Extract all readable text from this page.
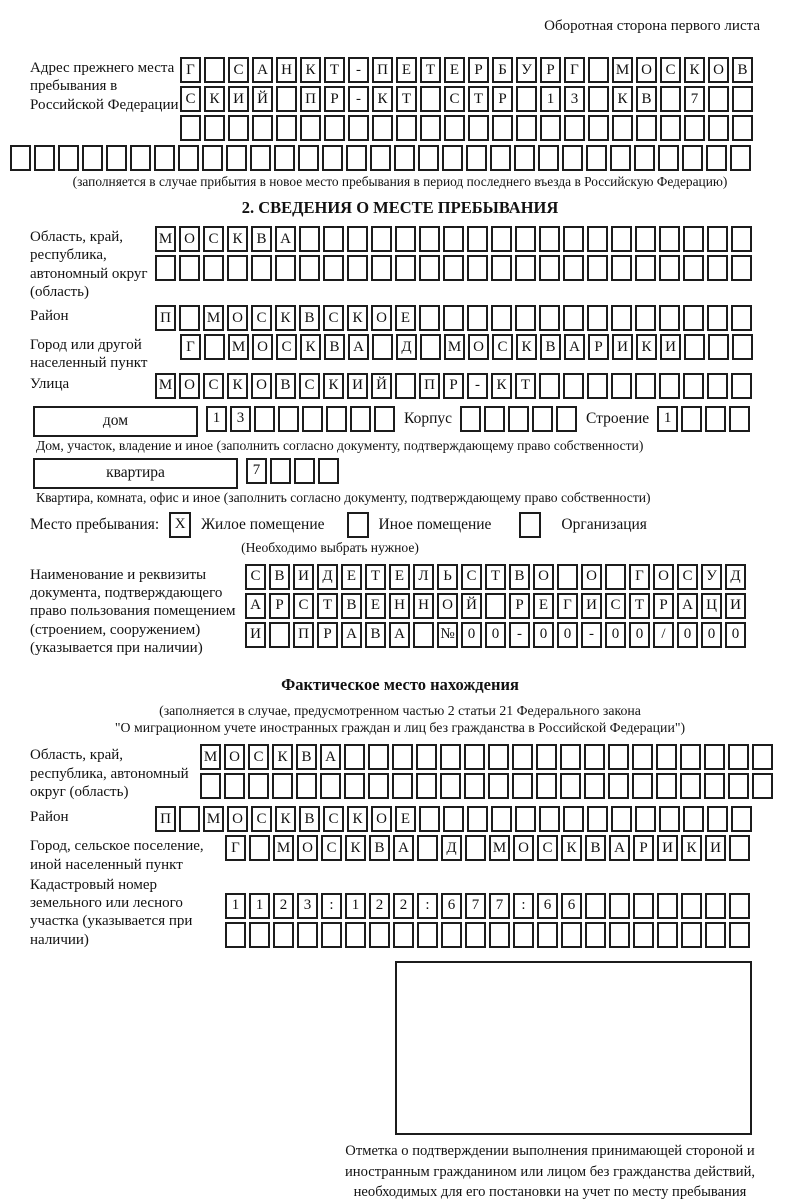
Оборотная сторона первого листа
Адрес прежнего места пребывания в Российской Федерации
Г	С А Н К Т	-	П Е Т Е	Р	Б У Р	Г	М О С К О В
С К И Й	П Р	-	К Т	С Т	Р	1	3	К В	7
(заполняется в случае прибытия в новое место пребывания в период последнего въезда в Российскую Федерацию)
2. СВЕДЕНИЯ О МЕСТЕ ПРЕБЫВАНИЯ
Область, край, республика, автономный округ (область)
М О С К В А
Район	П	М О С К В С К О Е
Город или другой населенный пункт
Г	М О С К В А	Д	М О С К В А Р И К И
Улица	М О С К О В С К И Й	П Р	-	К Т
дом	1	3	Корпус	Строение 1
Дом, участок, владение и иное (заполнить согласно документу, подтверждающему право собственности)
квартира	7
Квартира, комната, офис и иное (заполнить согласно документу, подтверждающему право собственности)
Место пребывания:	X	Жилое помещение	Иное помещение	Организация
(Необходимо выбрать нужное)
Наименование и реквизиты документа, подтверждающего право пользования помещением (строением, сооружением) (указывается при наличии)
С В И Д Е Т Е Л Ь С Т В О	О	Г О С У Д
А Р С Т В Е Н Н О Й	Р	Е	Г И С Т	Р А Ц И
И	П Р А В А	№ 0	0	-	0	0	-	0	0	/	0	0	0
Фактическое место нахождения
(заполняется в случае, предусмотренном частью 2 статьи 21 Федерального закона
"О миграционном учете иностранных граждан и лиц без гражданства в Российской Федерации")
Область, край, республика, автономный округ (область)
М О С К В А
Район	П	М О С К В С К О Е
Город, сельское поселение, иной населенный пункт
Г	М О С К В А	Д	М О С К В А Р И К И
Кадастровый номер земельного или лесного участка (указывается при наличии)
1	1	2	3	:	1	2	2	:	6	7	7	:	6	6
Отметка о подтверждении выполнения принимающей стороной и иностранным гражданином или лицом без гражданства действий, необходимых для его постановки на учет по месту пребывания
